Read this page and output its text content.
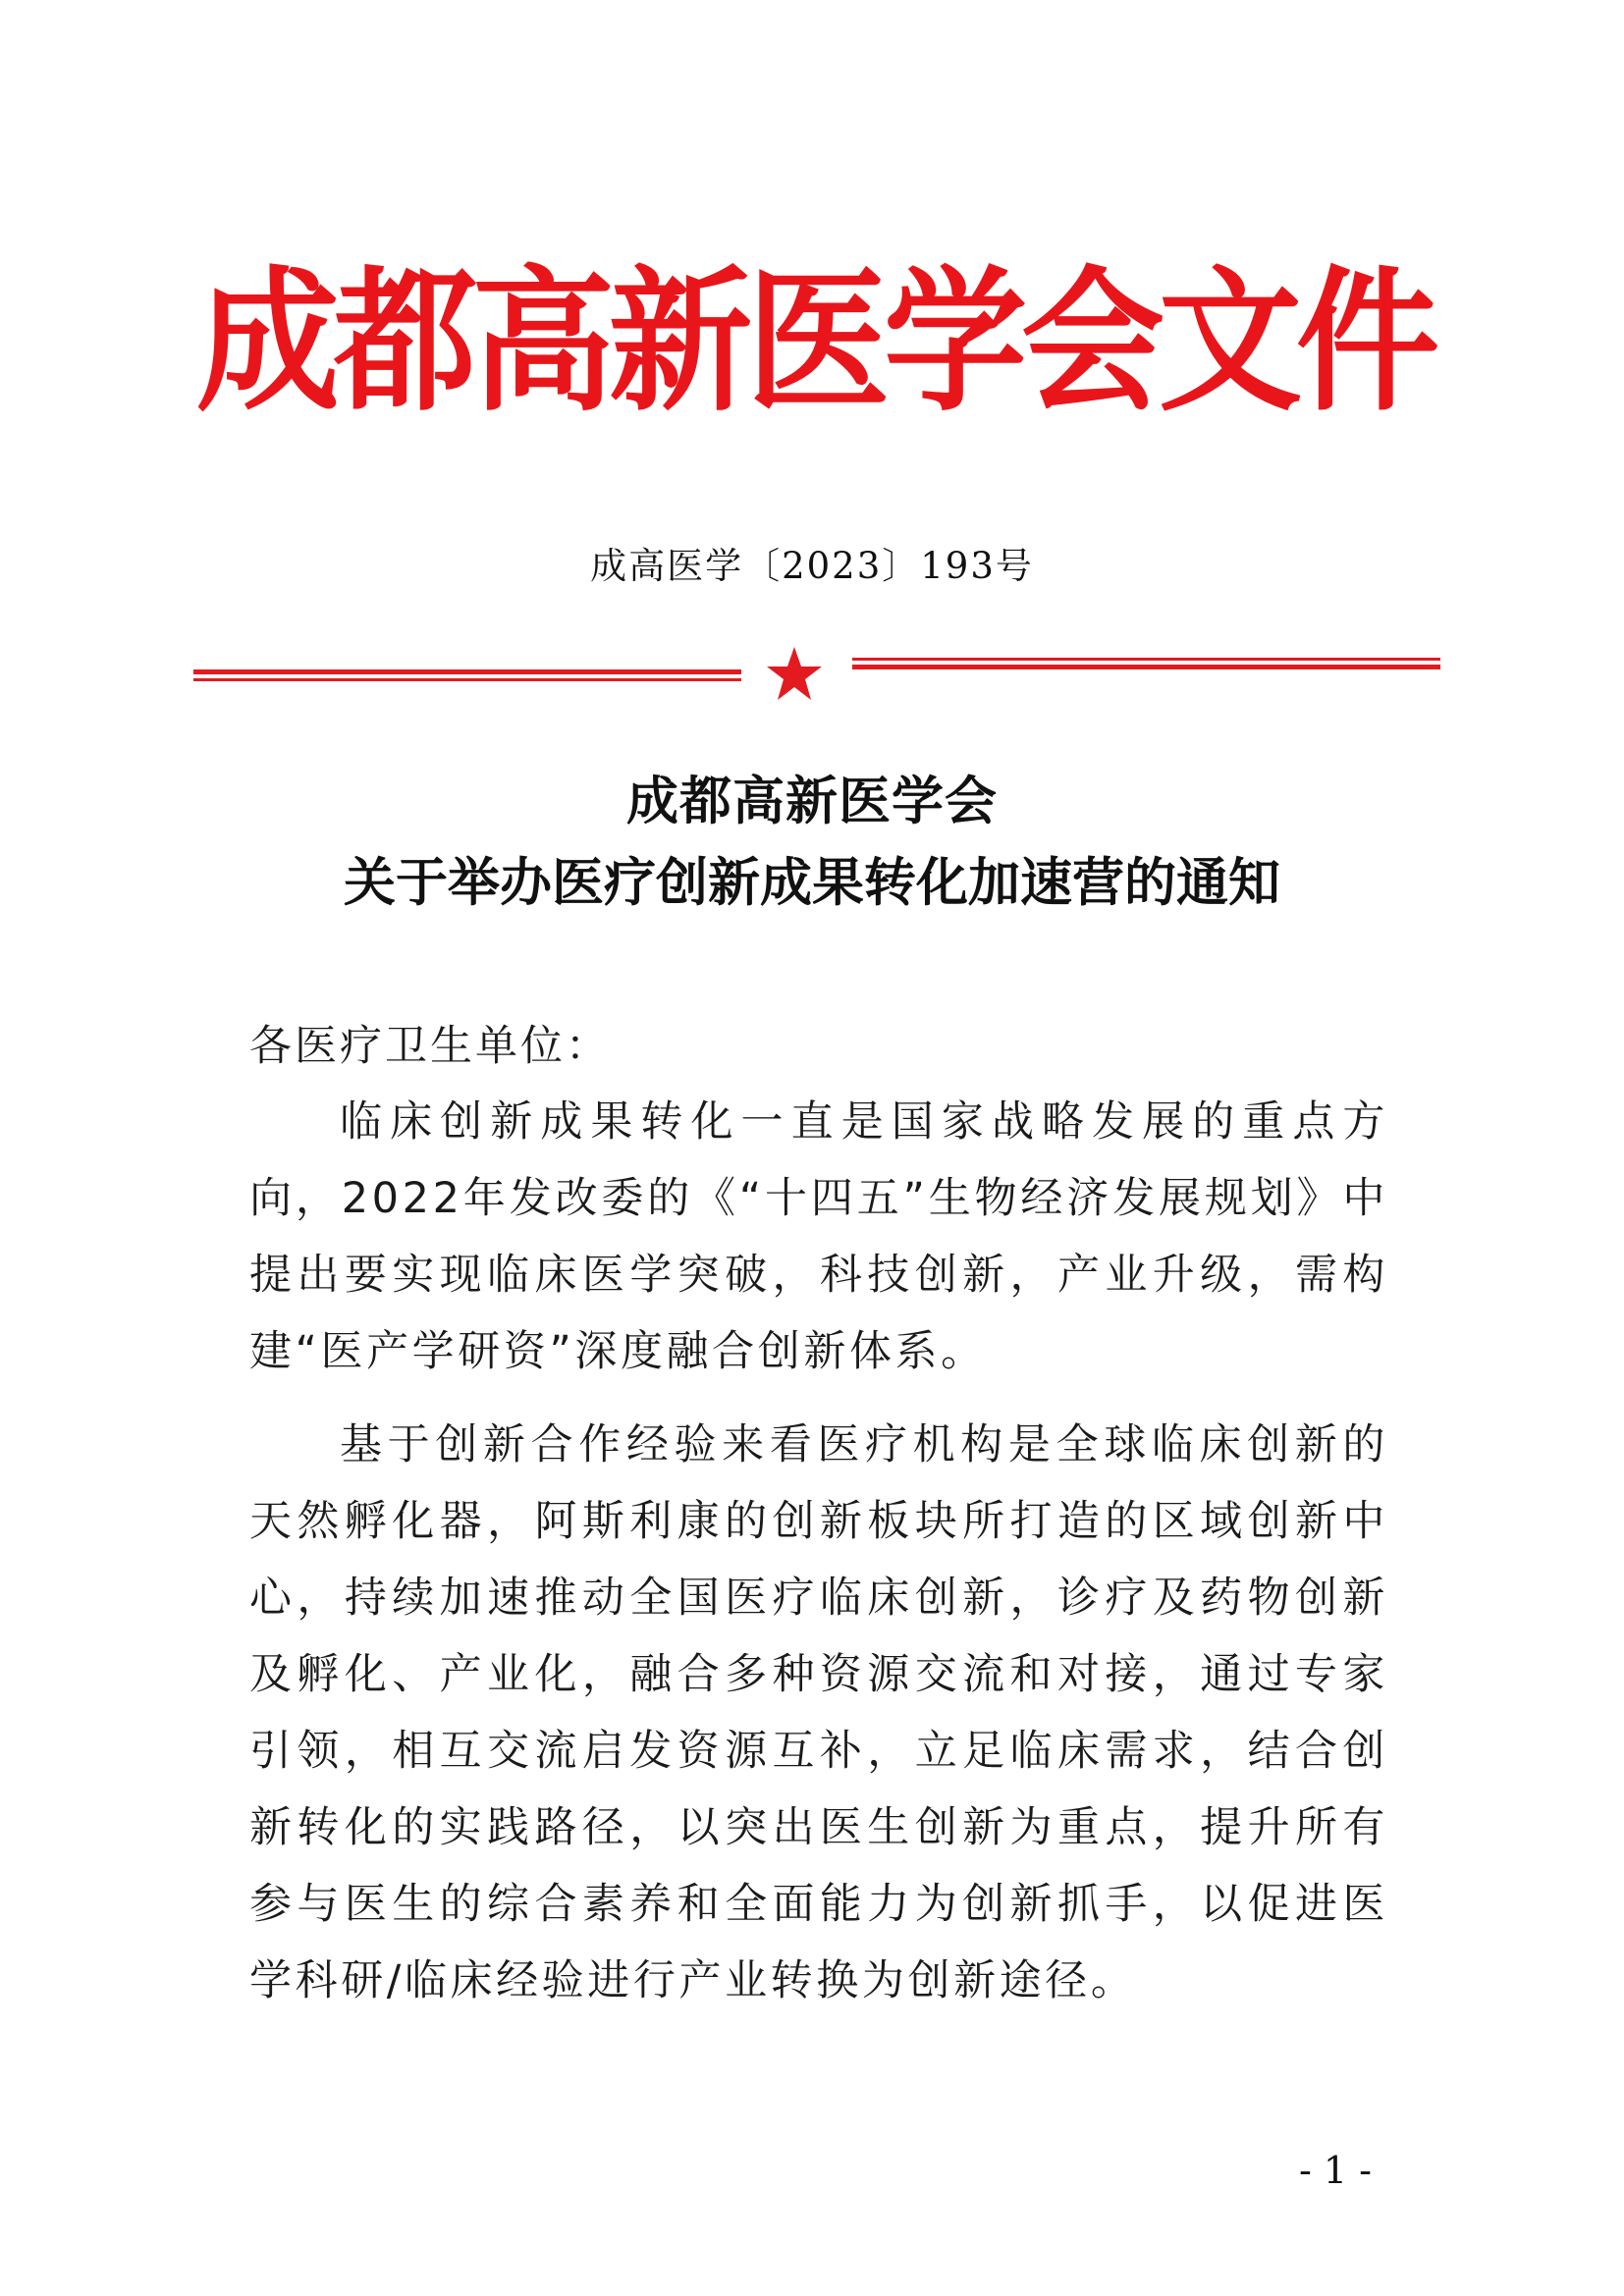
成都高新医学会文件
成高医学〔2023〕193号
成都高新医学会
关于举办医疗创新成果转化加速营的通知
各医疗卫生单位：

临床创新成果转化一直是国家战略发展的重点方向，2022年发改委的《“十四五”生物经济发展规划》中提出要实现临床医学突破，科技创新，产业升级，需构建“医产学研资”深度融合创新体系。

基于创新合作经验来看医疗机构是全球临床创新的天然孵化器，阿斯利康的创新板块所打造的区域创新中心，持续加速推动全国医疗临床创新，诊疗及药物创新及孵化、产业化，融合多种资源交流和对接，通过专家引领，相互交流启发资源互补，立足临床需求，结合创新转化的实践路径，以突出医生创新为重点，提升所有参与医生的综合素养和全面能力为创新抓手，以促进医学科研/临床经验进行产业转换为创新途径。

- 1 -
